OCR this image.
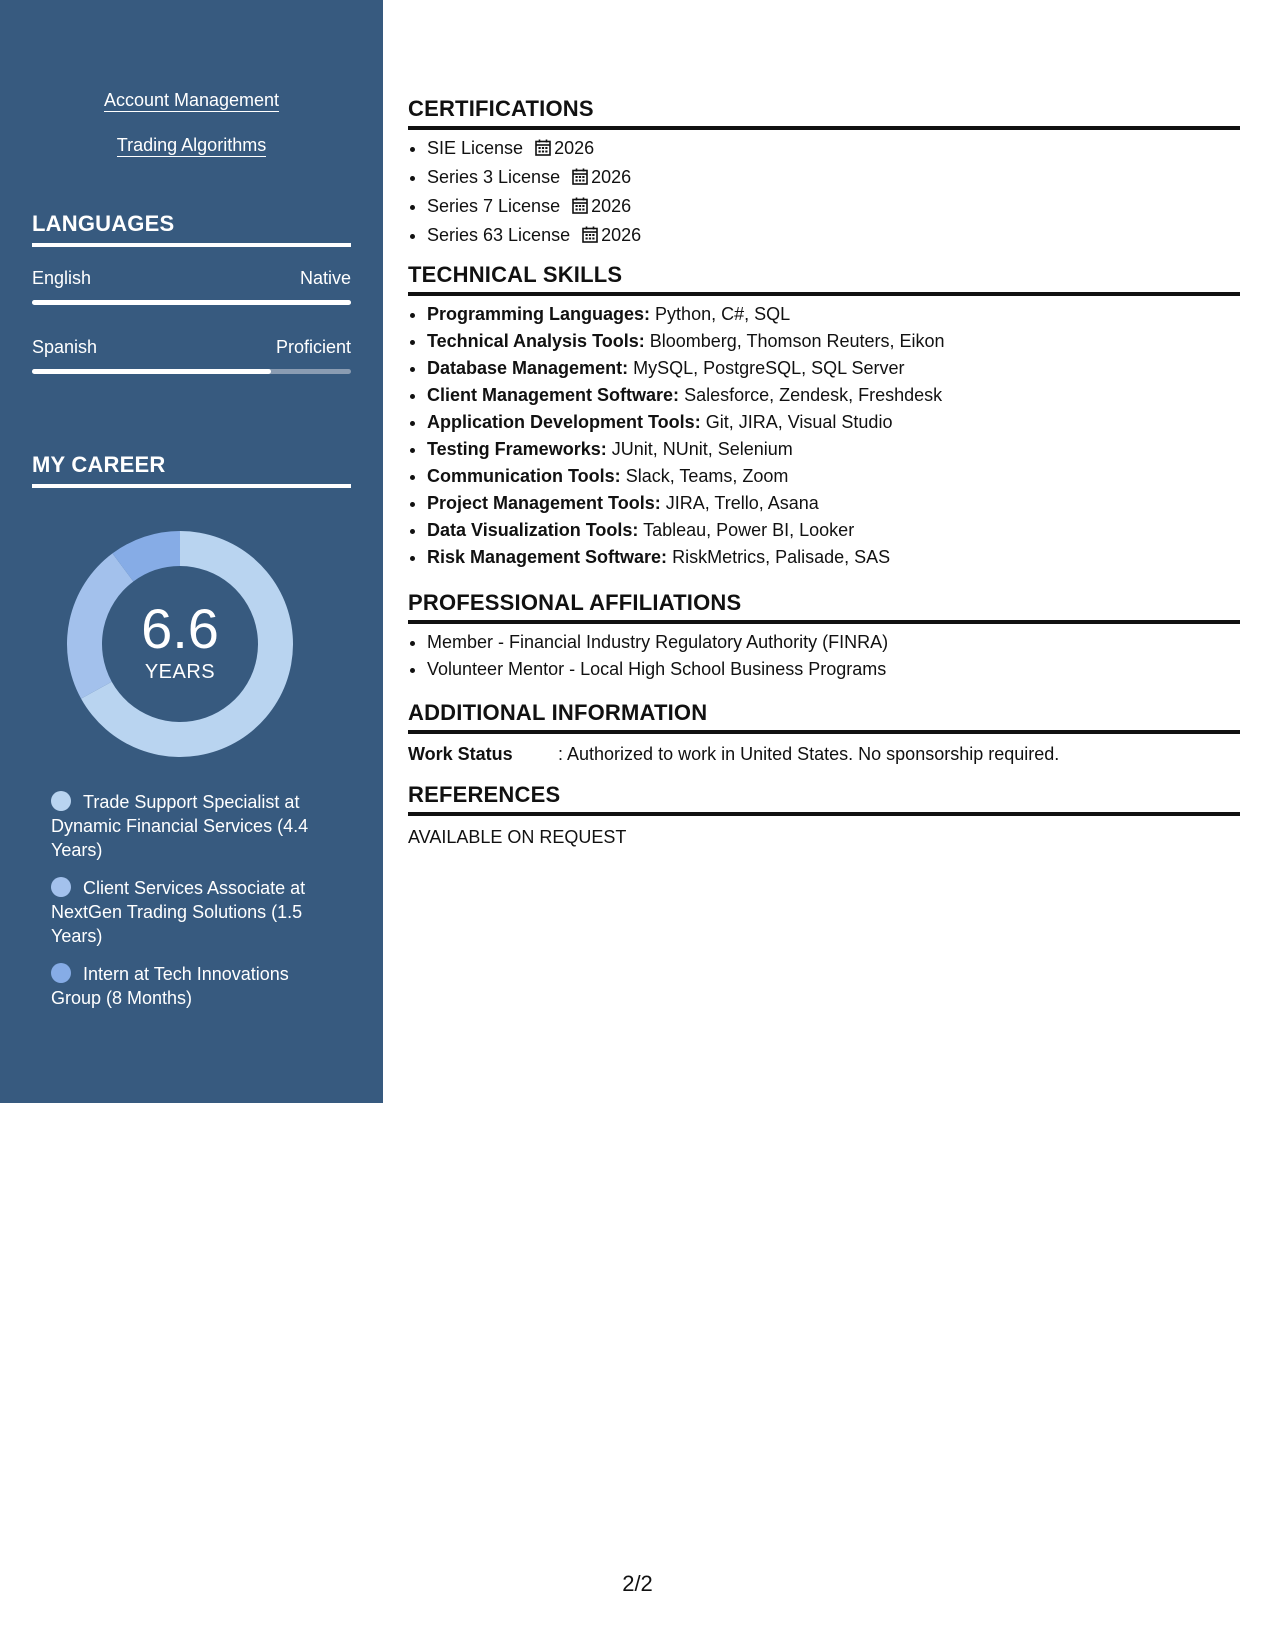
Account Management
Trading Algorithms
LANGUAGES
English	Native
Spanish	Proficient
MY CAREER
6.6
YEARS
Trade Support Specialist at Dynamic Financial Services (4.4 Years)
Client Services Associate at NextGen Trading Solutions (1.5 Years)
Intern at Tech Innovations Group (8 Months)
CERTIFICATIONS
• SIE License 2026
• Series 3 License 2026
• Series 7 License 2026
• Series 63 License 2026
TECHNICAL SKILLS
• Programming Languages: Python, C#, SQL
• Technical Analysis Tools: Bloomberg, Thomson Reuters, Eikon
• Database Management: MySQL, PostgreSQL, SQL Server
• Client Management Software: Salesforce, Zendesk, Freshdesk
• Application Development Tools: Git, JIRA, Visual Studio
• Testing Frameworks: JUnit, NUnit, Selenium
• Communication Tools: Slack, Teams, Zoom
• Project Management Tools: JIRA, Trello, Asana
• Data Visualization Tools: Tableau, Power BI, Looker
• Risk Management Software: RiskMetrics, Palisade, SAS
PROFESSIONAL AFFILIATIONS
• Member - Financial Industry Regulatory Authority (FINRA)
• Volunteer Mentor - Local High School Business Programs
ADDITIONAL INFORMATION
Work Status	: Authorized to work in United States. No sponsorship required.
REFERENCES
AVAILABLE ON REQUEST
2/2
